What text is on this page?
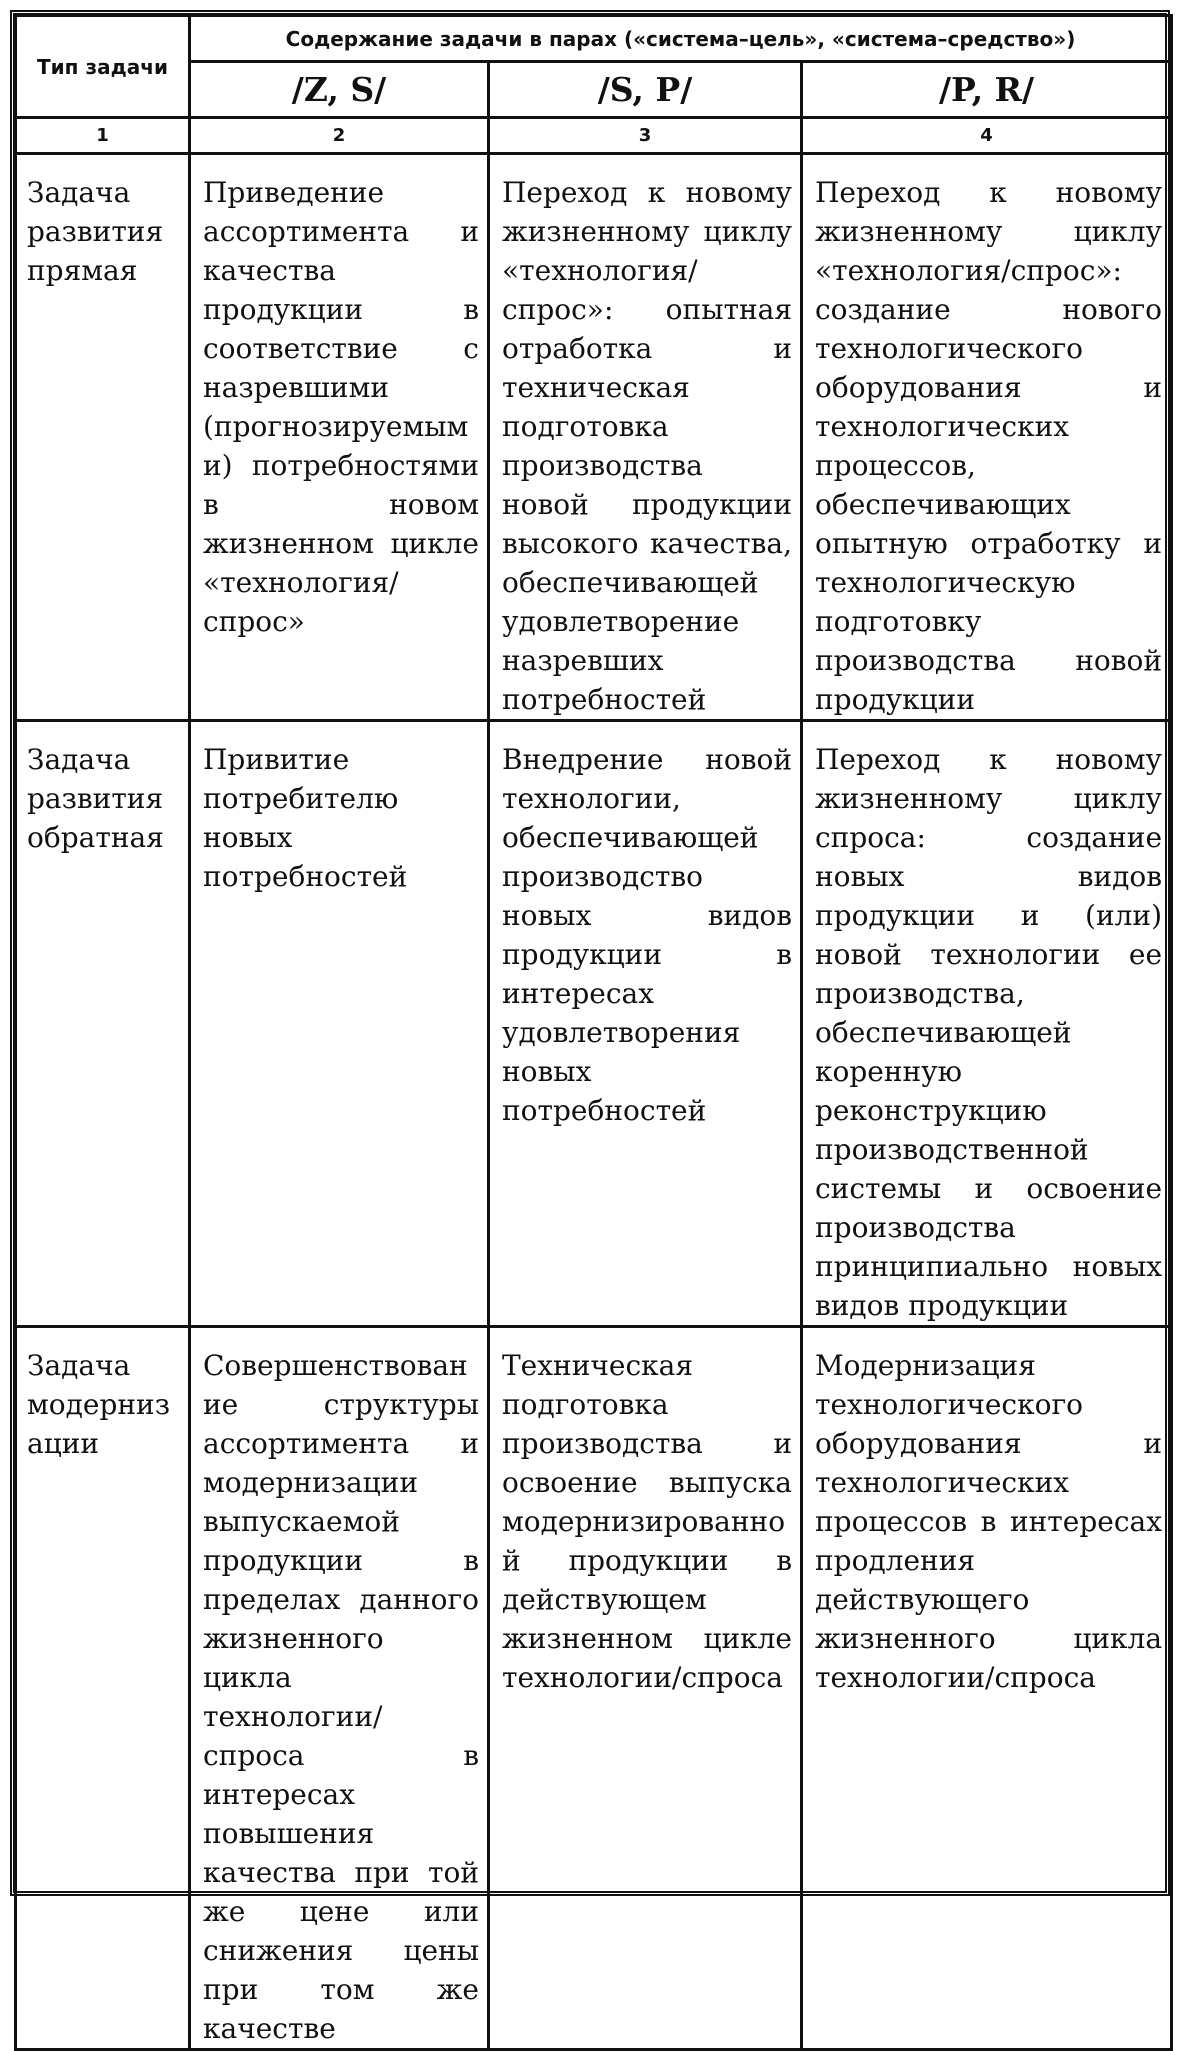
Тип задачи	Содержание задачи в парах («система–цель», «система–средство»)		
	/Z, S/	/S, P/	/P, R/
1	2	3	4
Задача развития прямая	Приведение ассортимента и качества продукции в соответствие с назревшими (прогнозируемыми) потребностями в новом жизненном цикле «технология/спрос»	Переход к новому жизненному циклу «технология/спрос»: опытная отработка и техническая подготовка производства новой продукции высокого качества, обеспечивающей удовлетворение назревших потребностей	Переход к новому жизненному циклу «технология/спрос»: создание нового технологического оборудования и технологических процессов, обеспечивающих опытную отработку и технологическую подготовку производства новой продукции
Задача развития обратная	Привитие потребителю новых потребностей	Внедрение новой технологии, обеспечивающей производство новых видов продукции в интересах удовлетворения новых потребностей	Переход к новому жизненному циклу спроса: создание новых видов продукции и (или) новой технологии ее производства, обеспечивающей коренную реконструкцию производственной системы и освоение производства принципиально новых видов продукции
Задача модернизации	Совершенствование структуры ассортимента и модернизации выпускаемой продукции в пределах данного жизненного цикла технологии/спроса в интересах повышения качества при той же цене или снижения цены при том же качестве	Техническая подготовка производства и освоение выпуска модернизированной продукции в действующем жизненном цикле технологии/спроса	Модернизация технологического оборудования и технологических процессов в интересах продления действующего жизненного цикла технологии/спроса
